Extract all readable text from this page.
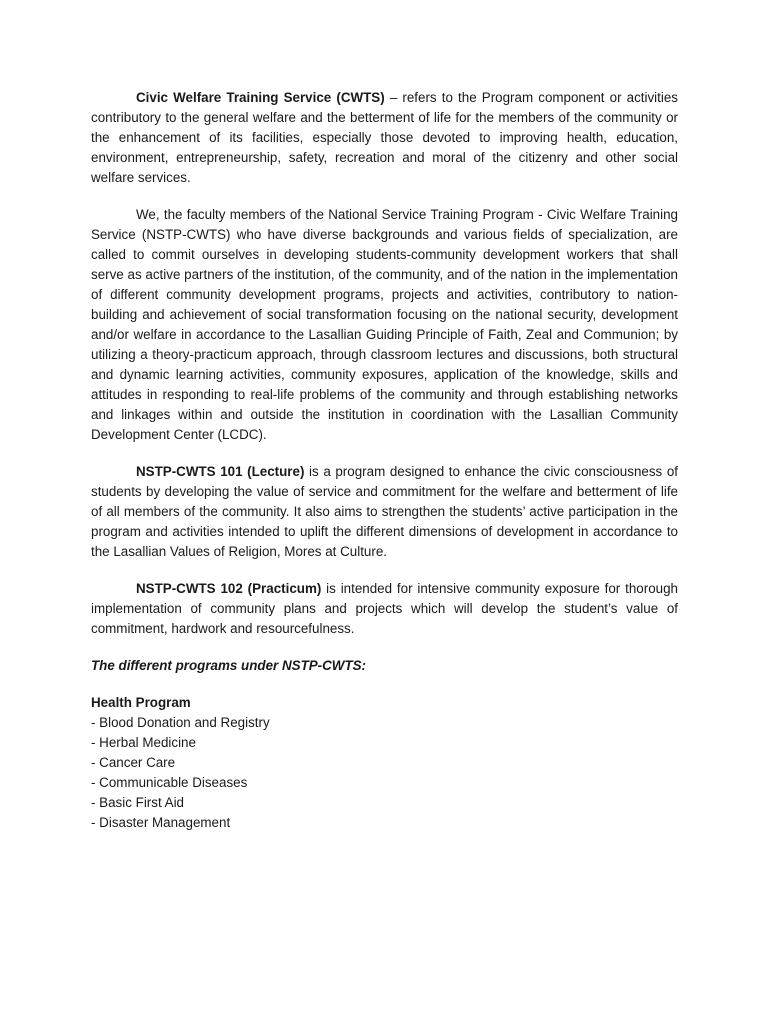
Civic Welfare Training Service (CWTS) – refers to the Program component or activities contributory to the general welfare and the betterment of life for the members of the community or the enhancement of its facilities, especially those devoted to improving health, education, environment, entrepreneurship, safety, recreation and moral of the citizenry and other social welfare services.

We, the faculty members of the National Service Training Program - Civic Welfare Training Service (NSTP-CWTS) who have diverse backgrounds and various fields of specialization, are called to commit ourselves in developing students-community development workers that shall serve as active partners of the institution, of the community, and of the nation in the implementation of different community development programs, projects and activities, contributory to nation-building and achievement of social transformation focusing on the national security, development and/or welfare in accordance to the Lasallian Guiding Principle of Faith, Zeal and Communion; by utilizing a theory-practicum approach, through classroom lectures and discussions, both structural and dynamic learning activities, community exposures, application of the knowledge, skills and attitudes in responding to real-life problems of the community and through establishing networks and linkages within and outside the institution in coordination with the Lasallian Community Development Center (LCDC).

NSTP-CWTS 101 (Lecture) is a program designed to enhance the civic consciousness of students by developing the value of service and commitment for the welfare and betterment of life of all members of the community. It also aims to strengthen the students’ active participation in the program and activities intended to uplift the different dimensions of development in accordance to the Lasallian Values of Religion, Mores at Culture.

NSTP-CWTS 102 (Practicum) is intended for intensive community exposure for thorough implementation of community plans and projects which will develop the student’s value of commitment, hardwork and resourcefulness.

The different programs under NSTP-CWTS:

Health Program

- Blood Donation and Registry
- Herbal Medicine
- Cancer Care
- Communicable Diseases
- Basic First Aid
- Disaster Management
